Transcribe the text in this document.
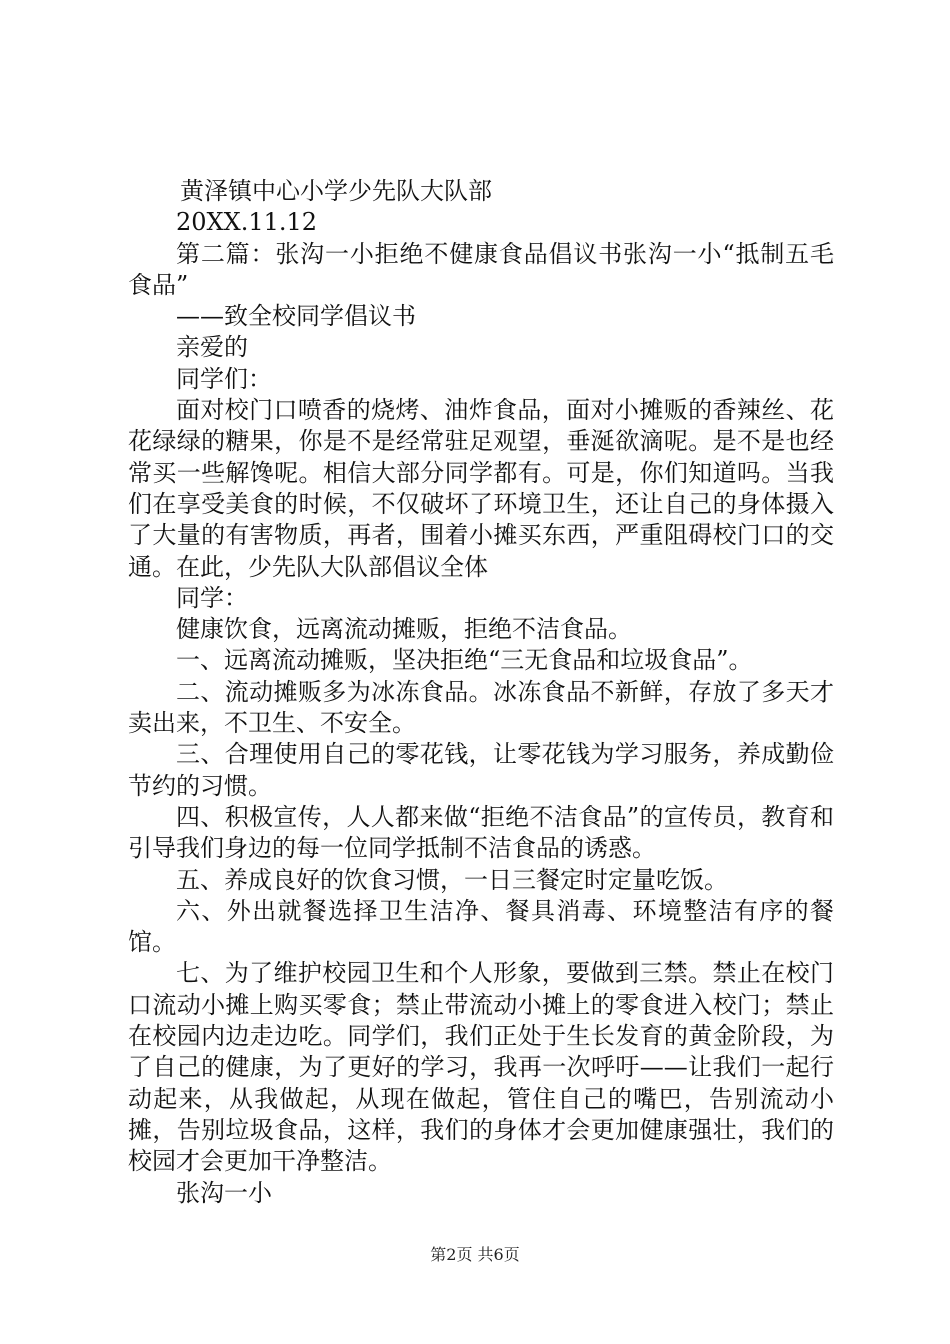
黄泽镇中心小学少先队大队部

20XX.11.12

第二篇：张沟一小拒绝不健康食品倡议书张沟一小“抵制五毛食品”

——致全校同学倡议书

亲爱的

同学们：

面对校门口喷香的烧烤、油炸食品，面对小摊贩的香辣丝、花花绿绿的糖果，你是不是经常驻足观望，垂涎欲滴呢。是不是也经常买一些解馋呢。相信大部分同学都有。可是，你们知道吗。当我们在享受美食的时候，不仅破坏了环境卫生，还让自己的身体摄入了大量的有害物质，再者，围着小摊买东西，严重阻碍校门口的交通。在此，少先队大队部倡议全体

同学：

健康饮食，远离流动摊贩，拒绝不洁食品。

一、远离流动摊贩，坚决拒绝“三无食品和垃圾食品”。

二、流动摊贩多为冰冻食品。冰冻食品不新鲜，存放了多天才卖出来，不卫生、不安全。

三、合理使用自己的零花钱，让零花钱为学习服务，养成勤俭节约的习惯。

四、积极宣传，人人都来做“拒绝不洁食品”的宣传员，教育和引导我们身边的每一位同学抵制不洁食品的诱惑。

五、养成良好的饮食习惯，一日三餐定时定量吃饭。

六、外出就餐选择卫生洁净、餐具消毒、环境整洁有序的餐馆。

七、为了维护校园卫生和个人形象，要做到三禁。禁止在校门口流动小摊上购买零食；禁止带流动小摊上的零食进入校门；禁止在校园内边走边吃。同学们，我们正处于生长发育的黄金阶段，为了自己的健康，为了更好的学习，我再一次呼吁——让我们一起行动起来，从我做起，从现在做起，管住自己的嘴巴，告别流动小摊，告别垃圾食品，这样，我们的身体才会更加健康强壮，我们的校园才会更加干净整洁。

张沟一小

第2页 共6页
